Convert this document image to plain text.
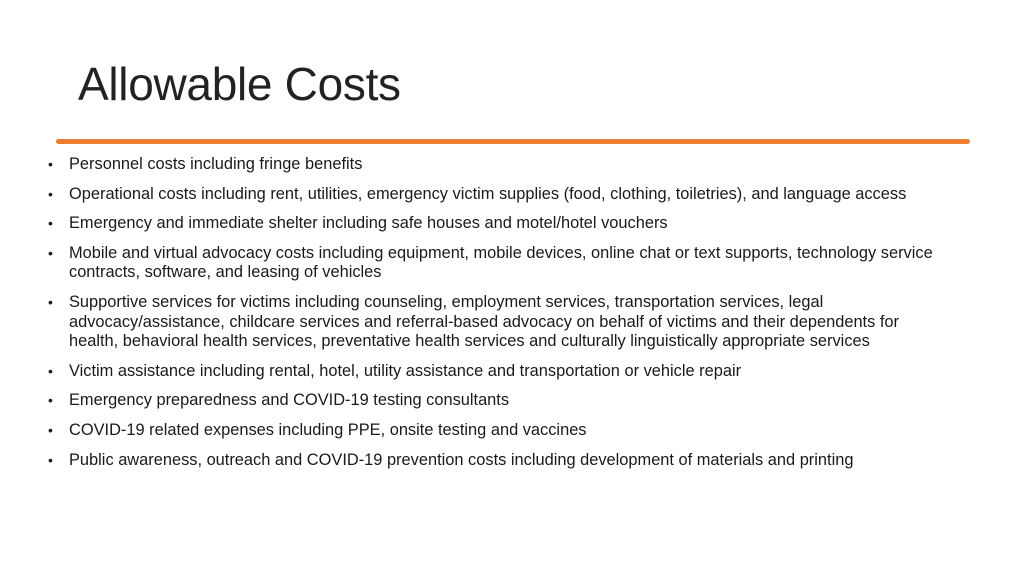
Allowable Costs
• Personnel costs including fringe benefits
• Operational costs including rent, utilities, emergency victim supplies (food, clothing, toiletries), and language access
• Emergency and immediate shelter including safe houses and motel/hotel vouchers
• Mobile and virtual advocacy costs including equipment, mobile devices, online chat or text supports, technology service contracts, software, and leasing of vehicles
• Supportive services for victims including counseling, employment services, transportation services, legal advocacy/assistance, childcare services and referral-based advocacy on behalf of victims and their dependents for health, behavioral health services, preventative health services and culturally linguistically appropriate services
• Victim assistance including rental, hotel, utility assistance and transportation or vehicle repair
• Emergency preparedness and COVID-19 testing consultants
• COVID-19 related expenses including PPE, onsite testing and vaccines
• Public awareness, outreach and COVID-19 prevention costs including development of materials and printing
